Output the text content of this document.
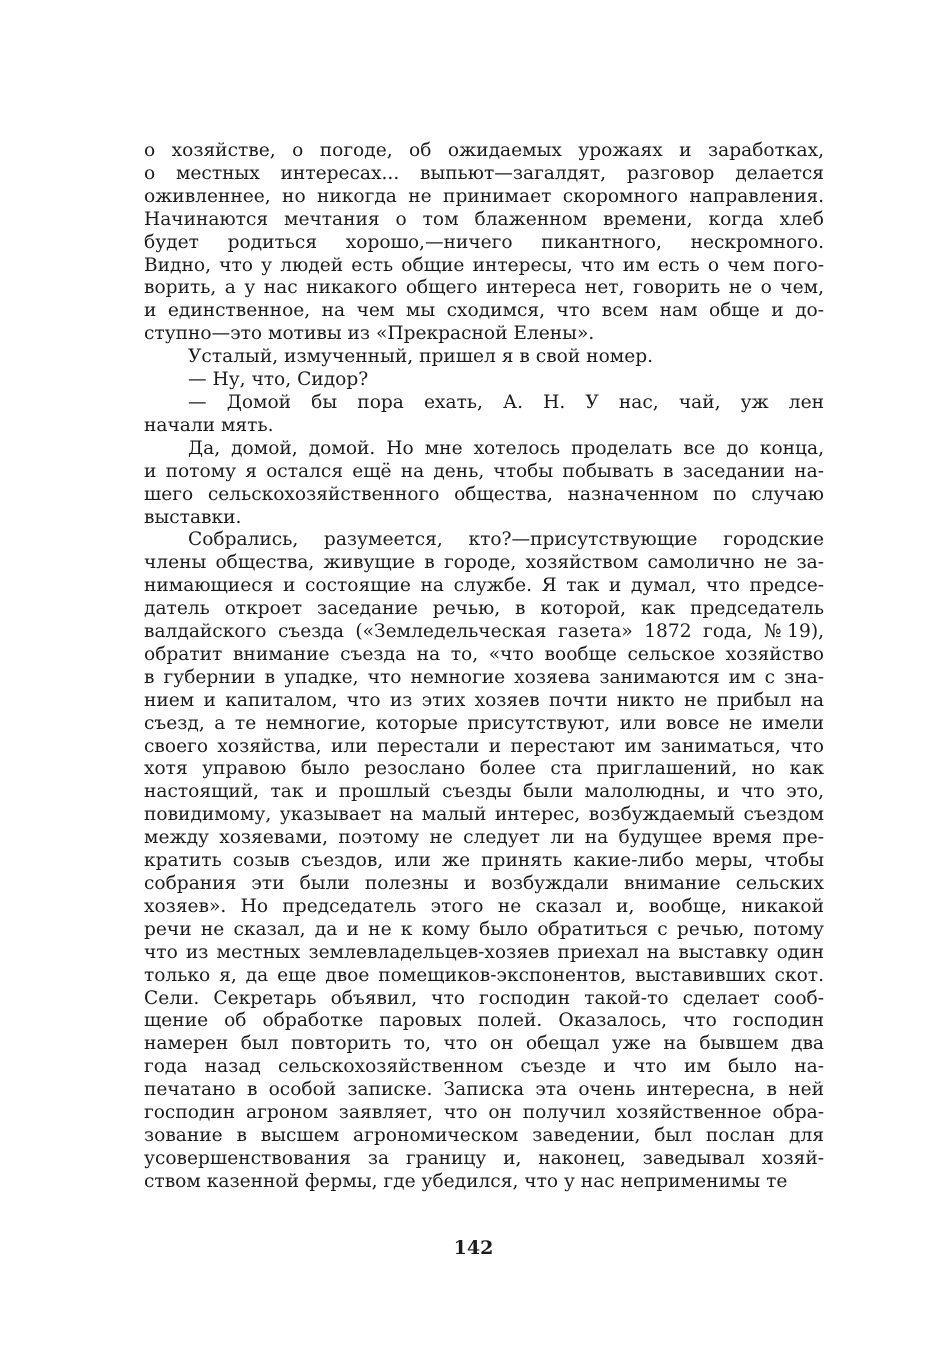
о хозяйстве, о погоде, об ожидаемых урожаях и заработках,
о местных интересах... выпьют—загалдят, разговор делается
оживленнее, но никогда не принимает скоромного направления.
Начинаются мечтания о том блаженном времени, когда хлеб
будет родиться хорошо,—ничего пикантного, нескромного.
Видно, что у людей есть общие интересы, что им есть о чем пого-
ворить, а у нас никакого общего интереса нет, говорить не о чем,
и единственное, на чем мы сходимся, что всем нам обще и до-
ступно—это мотивы из «Прекрасной Елены».
Усталый, измученный, пришел я в свой номер.
— Ну, что, Сидор?
— Домой бы пора ехать, А. Н. У нас, чай, уж лен
начали мять.
Да, домой, домой. Но мне хотелось проделать все до конца,
и потому я остался ещё на день, чтобы побывать в заседании на-
шего сельскохозяйственного общества, назначенном по случаю
выставки.
Собрались, разумеется, кто?—присутствующие городские
члены общества, живущие в городе, хозяйством самолично не за-
нимающиеся и состоящие на службе. Я так и думал, что предсе-
датель откроет заседание речью, в которой, как председатель
валдайского съезда («Земледельческая газета» 1872 года, №19),
обратит внимание съезда на то, «что вообще сельское хозяйство
в губернии в упадке, что немногие хозяева занимаются им с зна-
нием и капиталом, что из этих хозяев почти никто не прибыл на
съезд, а те немногие, которые присутствуют, или вовсе не имели
своего хозяйства, или перестали и перестают им заниматься, что
хотя управою было резослано более ста приглашений, но как
настоящий, так и прошлый съезды были малолюдны, и что это,
повидимому, указывает на малый интерес, возбуждаемый съездом
между хозяевами, поэтому не следует ли на будущее время пре-
кратить созыв съездов, или же принять какие-либо меры, чтобы
собрания эти были полезны и возбуждали внимание сельских
хозяев». Но председатель этого не сказал и, вообще, никакой
речи не сказал, да и не к кому было обратиться с речью, потому
что из местных землевладельцев-хозяев приехал на выставку один
только я, да еще двое помещиков-экспонентов, выставивших скот.
Сели. Секретарь объявил, что господин такой-то сделает сооб-
щение об обработке паровых полей. Оказалось, что господин
намерен был повторить то, что он обещал уже на бывшем два
года назад сельскохозяйственном съезде и что им было на-
печатано в особой записке. Записка эта очень интересна, в ней
господин агроном заявляет, что он получил хозяйственное обра-
зование в высшем агрономическом заведении, был послан для
усовершенствования за границу и, наконец, заведывал хозяй-
ством казенной фермы, где убедился, что у нас неприменимы те
142
